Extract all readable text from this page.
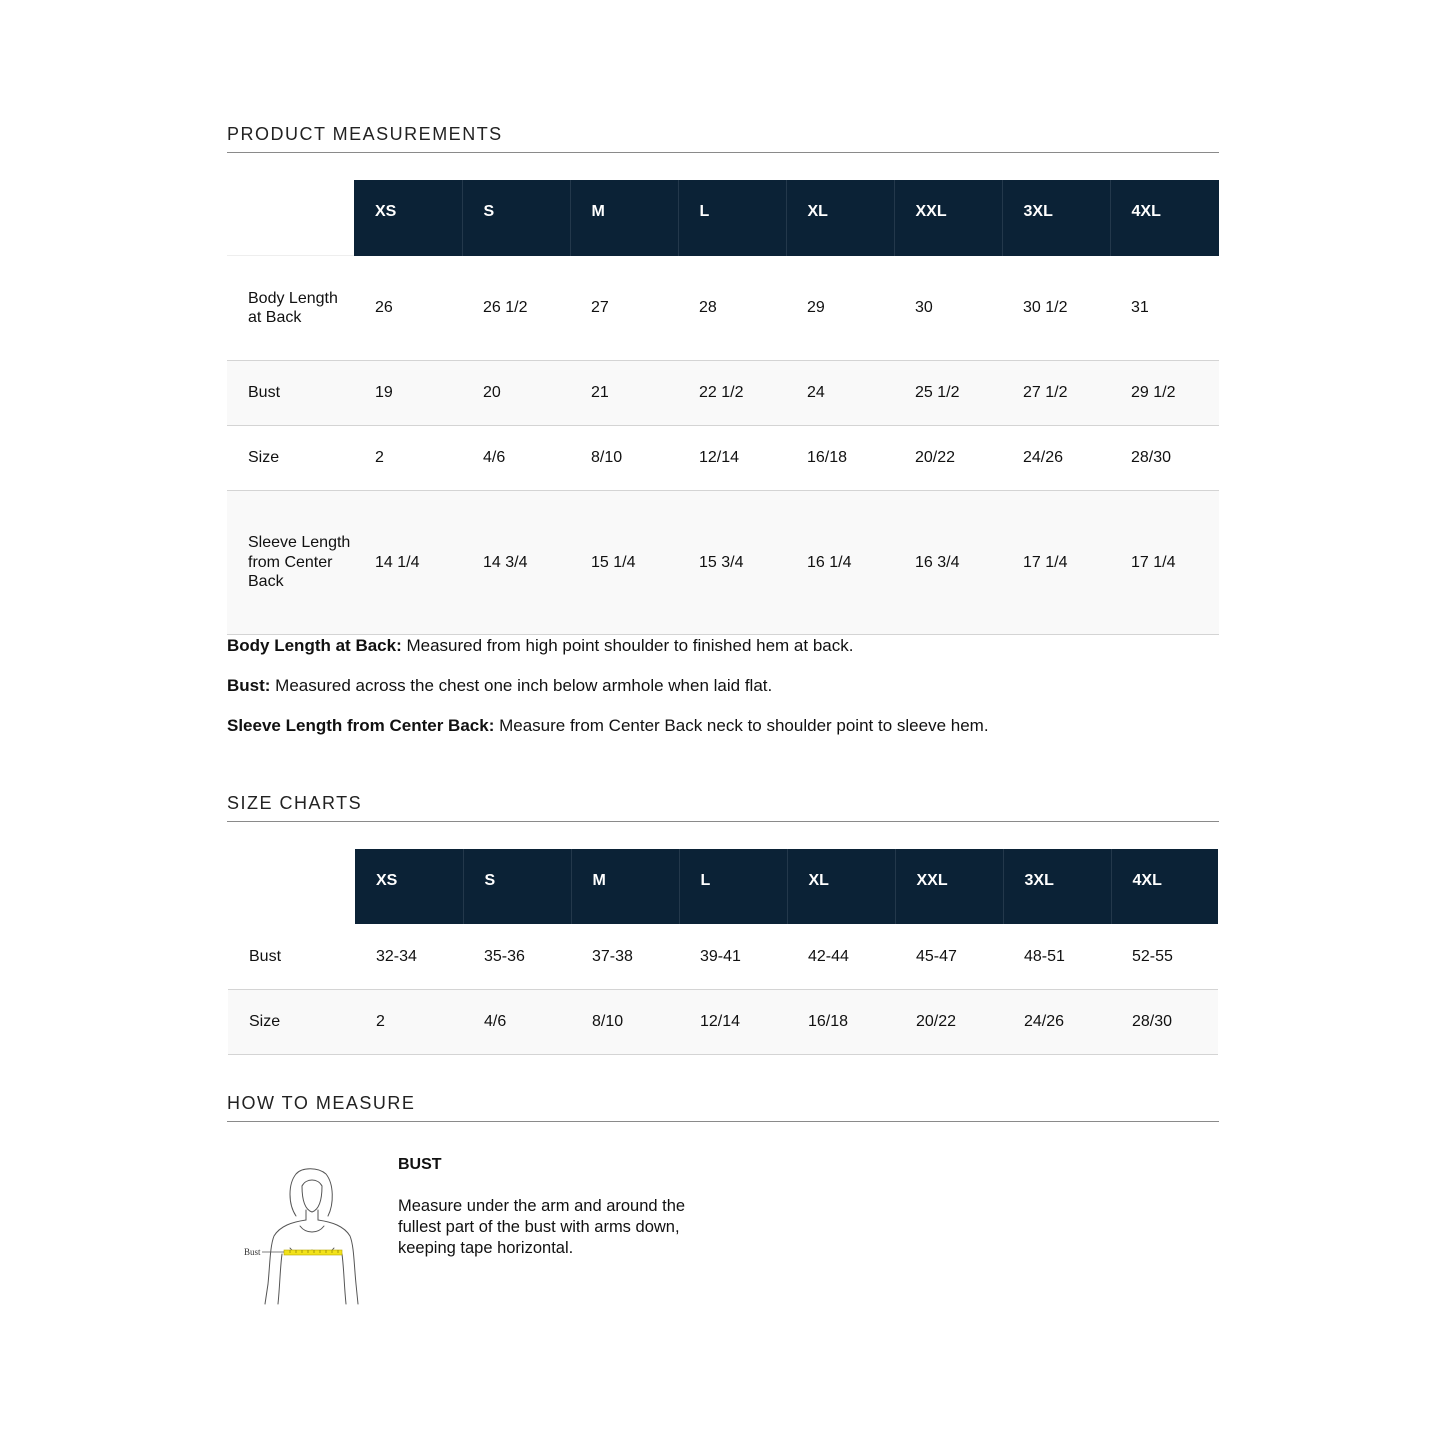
PRODUCT MEASUREMENTS
	XS	S	M	L	XL	XXL	3XL	4XL
Body Length at Back	26	26 1/2	27	28	29	30	30 1/2	31
Bust	19	20	21	22 1/2	24	25 1/2	27 1/2	29 1/2
Size	2	4/6	8/10	12/14	16/18	20/22	24/26	28/30
Sleeve Length from Center Back	14 1/4	14 3/4	15 1/4	15 3/4	16 1/4	16 3/4	17 1/4	17 1/4

Body Length at Back: Measured from high point shoulder to finished hem at back.

Bust: Measured across the chest one inch below armhole when laid flat.

Sleeve Length from Center Back: Measure from Center Back neck to shoulder point to sleeve hem.

SIZE CHARTS
	XS	S	M	L	XL	XXL	3XL	4XL
Bust	32-34	35-36	37-38	39-41	42-44	45-47	48-51	52-55
Size	2	4/6	8/10	12/14	16/18	20/22	24/26	28/30
HOW TO MEASURE
Bust
BUST
Measure under the arm and around the fullest part of the bust with arms down, keeping tape horizontal.
